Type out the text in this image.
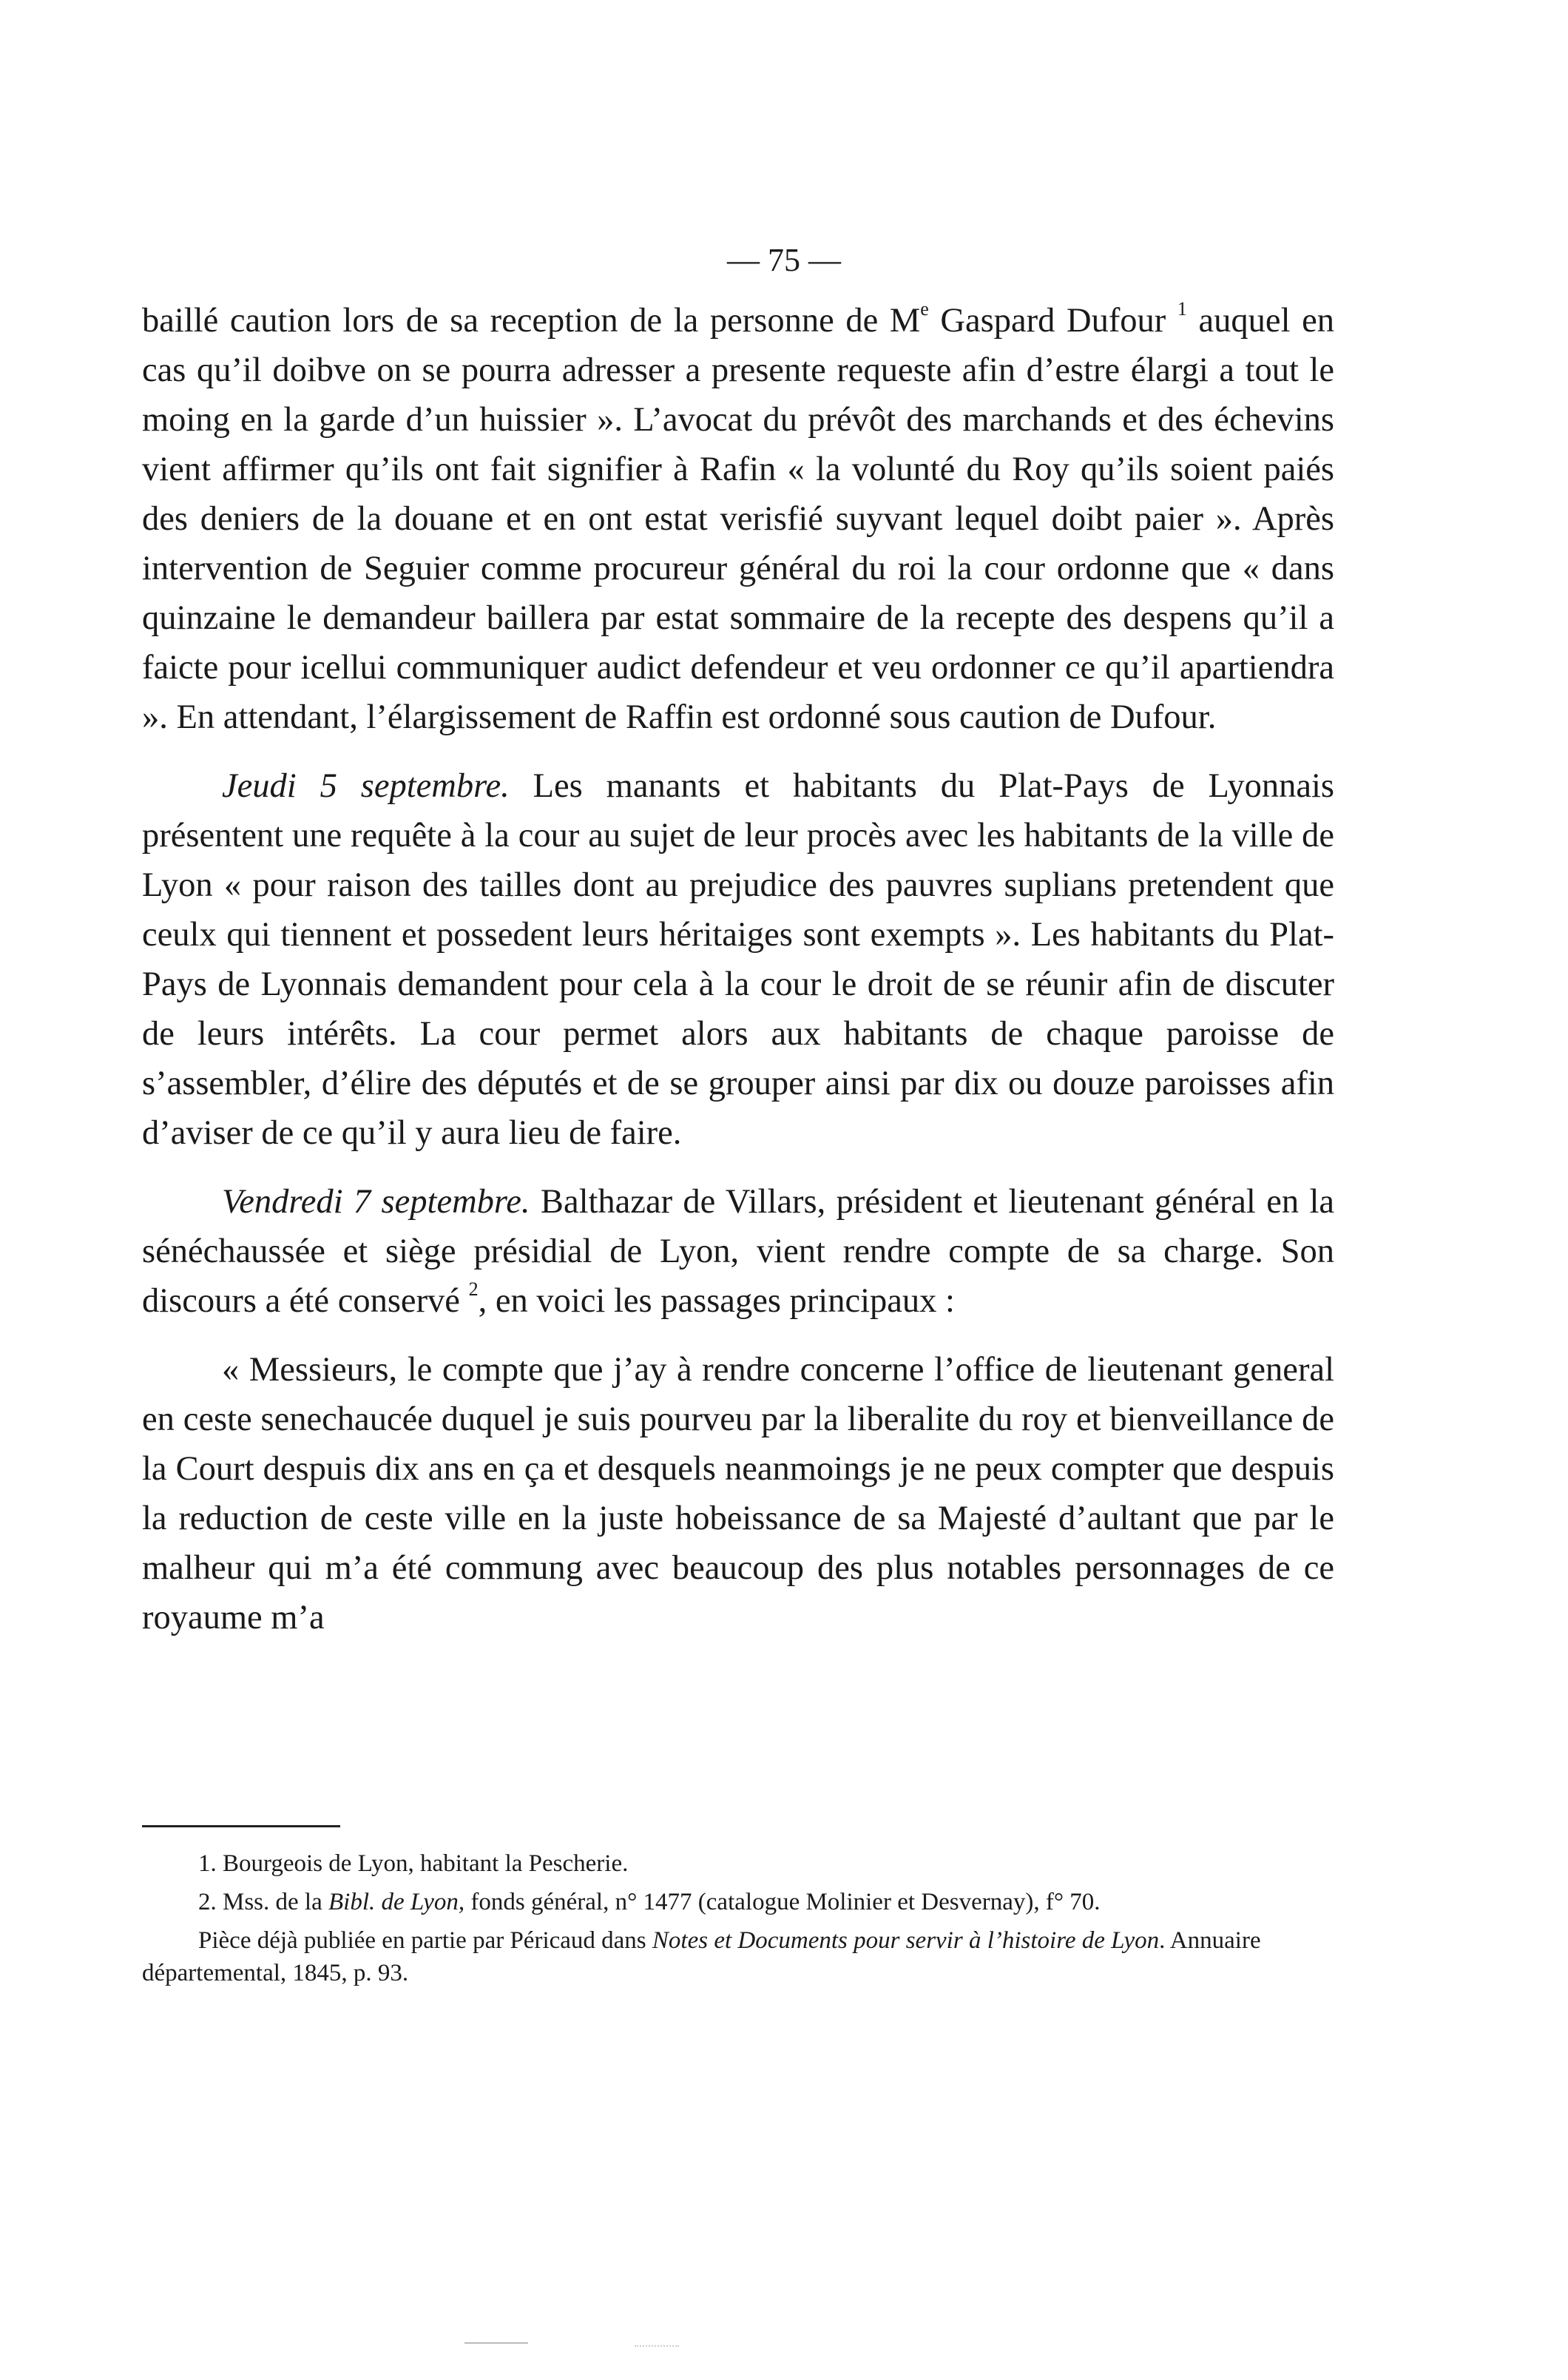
— 75 —

baillé caution lors de sa reception de la personne de Me Gaspard Dufour $^1$ auquel en cas qu’il doibve on se pourra adresser a presente requeste afin d’estre élargi a tout le moing en la garde d’un huissier ». L’avocat du prévôt des marchands et des échevins vient affirmer qu’ils ont fait signifier à Rafin « la volunté du Roy qu’ils soient paiés des deniers de la douane et en ont estat verisfié suyvant lequel doibt paier ». Après intervention de Seguier comme procureur général du roi la cour ordonne que « dans quinzaine le demandeur baillera par estat sommaire de la recepte des despens qu’il a faicte pour icellui communiquer audict defendeur et veu ordonner ce qu’il apartiendra ». En attendant, l’élargissement de Raffin est ordonné sous caution de Dufour.

Jeudi 5 septembre. Les manants et habitants du Plat-Pays de Lyonnais présentent une requête à la cour au sujet de leur procès avec les habitants de la ville de Lyon « pour raison des tailles dont au prejudice des pauvres suplians pretendent que ceulx qui tiennent et possedent leurs héritaiges sont exempts ». Les habitants du Plat-Pays de Lyonnais demandent pour cela à la cour le droit de se réunir afin de discuter de leurs intérêts. La cour permet alors aux habitants de chaque paroisse de s’assembler, d’élire des députés et de se grouper ainsi par dix ou douze paroisses afin d’aviser de ce qu’il y aura lieu de faire.

Vendredi 7 septembre. Balthazar de Villars, président et lieutenant général en la sénéchaussée et siège présidial de Lyon, vient rendre compte de sa charge. Son discours a été conservé $^2$, en voici les passages principaux :

« Messieurs, le compte que j’ay à rendre concerne l’office de lieutenant general en ceste senechaucée duquel je suis pourveu par la liberalite du roy et bienveillance de la Court despuis dix ans en ça et desquels neanmoings je ne peux compter que despuis la reduction de ceste ville en la juste hobeissance de sa Majesté d’aultant que par le malheur qui m’a été commung avec beaucoup des plus notables personnages de ce royaume m’a

1. Bourgeois de Lyon, habitant la Pescherie.

2. Mss. de la Bibl. de Lyon, fonds général, n° 1477 (catalogue Molinier et Desvernay), f° 70.

Pièce déjà publiée en partie par Péricaud dans Notes et Documents pour servir à l’histoire de Lyon. Annuaire départemental, 1845, p. 93.
